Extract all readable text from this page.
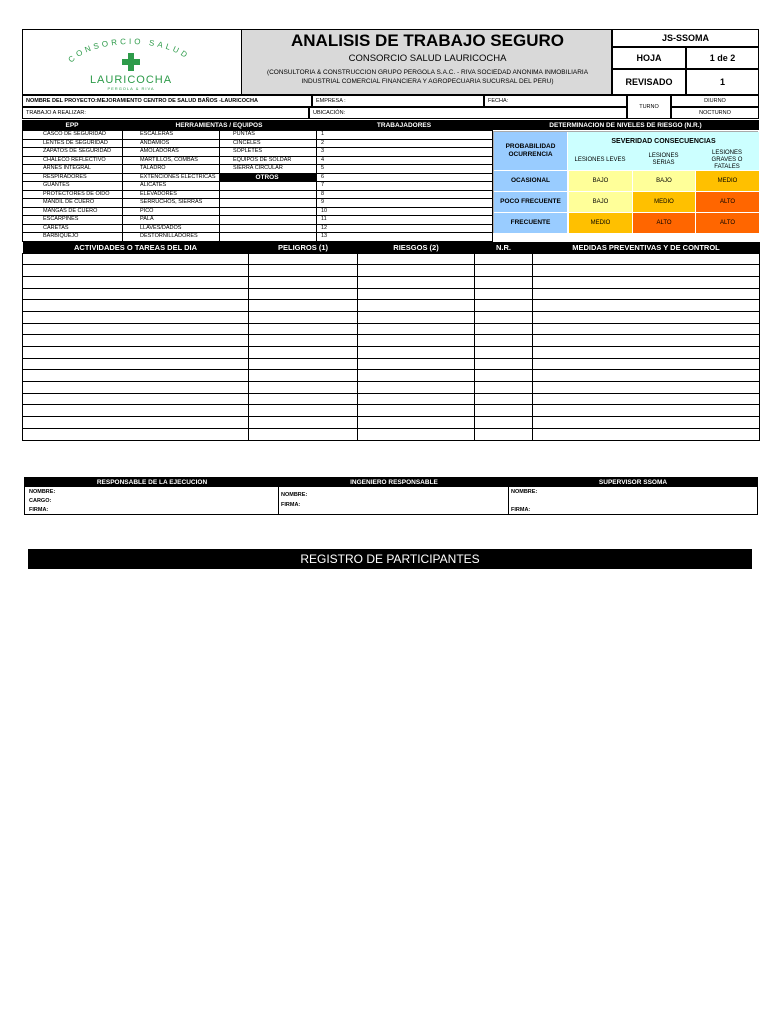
CONSORCIO SALUD
LAURICOCHA
PERGOLA & RIVA
ANALISIS DE TRABAJO SEGURO
CONSORCIO SALUD LAURICOCHA
(CONSULTORIA & CONSTRUCCION GRUPO PERGOLA S.A.C. - RIVA SOCIEDAD ANONIMA INMOBILIARIA INDUSTRIAL COMERCIAL FINANCIERA Y AGROPECUARIA SUCURSAL DEL PERU)
JS-SSOMA
HOJA	1 de 2
REVISADO	1
NOMBRE DEL PROYECTO:MEJORAMIENTO CENTRO DE SALUD BAÑOS -LAURICOCHA	EMPRESA :	FECHA:
TURNO
DIURNO
TRABAJO A REALIZAR:	UBICACIÓN:	NOCTURNO
EPP	HERRAMIENTAS / EQUIPOS	TRABAJADORES	DETERMINACION DE NIVELES DE RIESGO (N.R.)
CASCO DE SEGURIDAD	ESCALERAS	PUNTAS	1
LENTES DE SEGURIDAD	ANDAMIOS	CINCELES	2
ZAPATOS DE SEGURIDAD	AMOLADORAS	SOPLETES	3
CHALECO REFLECTIVO	MARTILLOS, COMBAS	EQUIPOS DE SOLDAR	4
ARNES INTEGRAL	TALADRO	SIERRA CIRCULAR	5
RESPIRADORES	EXTENCIONES ELECTRICAS	OTROS	6
GUANTES	ALICATES		7
PROTECTORES DE OIDO	ELEVADORES		8
MANDIL DE CUERO	SERRUCHOS, SIERRAS		9
MANGAS DE CUERO	PICO		10
ESCARPINES	PALA		11
CARETAS	LLAVES/DADOS		12
BARBIQUEJO	DESTORNILLADORES		13
PROBABILIDAD OCURRENCIA
SEVERIDAD CONSECUENCIAS
LESIONES LEVES
LESIONES SERIAS
LESIONES GRAVES O FATALES
OCASIONAL	BAJO	BAJO	MEDIO
POCO FRECUENTE	BAJO	MEDIO	ALTO
FRECUENTE	MEDIO	ALTO	ALTO
ACTIVIDADES O TAREAS DEL DIA	PELIGROS (1)	RIESGOS (2)	N.R.	MEDIDAS PREVENTIVAS Y DE CONTROL

RESPONSABLE DE LA EJECUCION	INGENIERO RESPONSABLE	SUPERVISOR SSOMA
NOMBRE:
CARGO:
FIRMA:
NOMBRE:
FIRMA:
NOMBRE:
FIRMA:
REGISTRO DE PARTICIPANTES
